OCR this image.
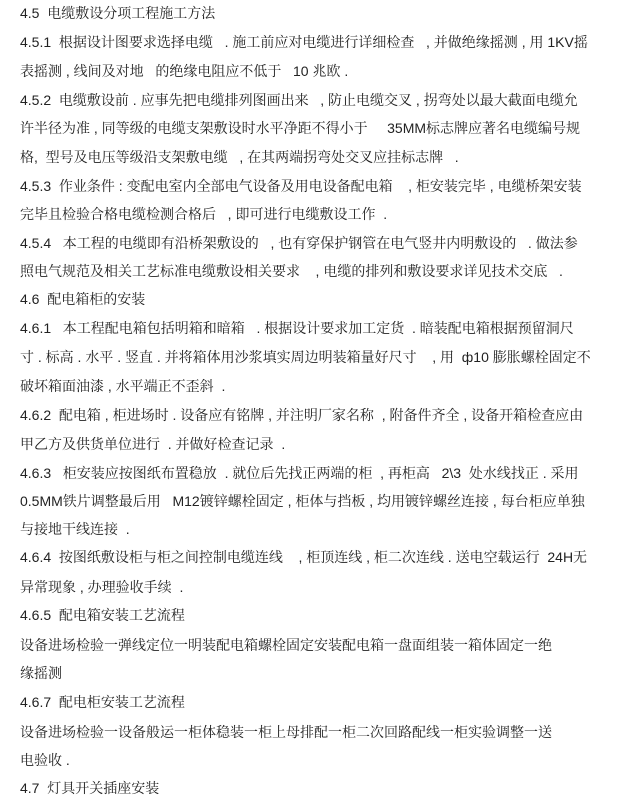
4.5  电缆敷设分项工程施工方法
4.5.1  根据设计图要求选择电缆   . 施工前应对电缆进行详细检查   , 并做绝缘摇测 , 用 1KV摇
表摇测 , 线间及对地   的绝缘电阻应不低于   10 兆欧 .
4.5.2  电缆敷设前 . 应事先把电缆排列图画出来   , 防止电缆交叉 , 拐弯处以最大截面电缆允
许半径为准 , 同等级的电缆支架敷设时水平净距不得小于     35MM标志牌应著名电缆编号规
格,  型号及电压等级沿支架敷电缆   , 在其两端拐弯处交叉应挂标志牌   .
4.5.3  作业条件 : 变配电室内全部电气设备及用电设备配电箱    , 柜安装完毕 , 电缆桥架安装
完毕且检验合格电缆检测合格后   , 即可进行电缆敷设工作  .
4.5.4   本工程的电缆即有沿桥架敷设的   , 也有穿保护钢管在电气竖井内明敷设的   . 做法参
照电气规范及相关工艺标准电缆敷设相关要求    , 电缆的排列和敷设要求详见技术交底   .
4.6  配电箱柜的安装
4.6.1   本工程配电箱包括明箱和暗箱   . 根据设计要求加工定货  . 暗装配电箱根据预留洞尺
寸 . 标高 . 水平 . 竖直 . 并将箱体用沙浆填实周边明装箱量好尺寸    , 用  ф10 膨胀螺栓固定不
破坏箱面油漆 , 水平端正不歪斜  .
4.6.2  配电箱 , 柜进场时 . 设备应有铭牌 , 并注明厂家名称  , 附备件齐全 , 设备开箱检查应由
甲乙方及供货单位进行  . 并做好检查记录  .
4.6.3   柜安装应按图纸布置稳放  . 就位后先找正两端的柜  , 再柜高   2\3  处水线找正 . 采用
0.5MM铁片调整最后用   M12镀锌螺栓固定 , 柜体与挡板 , 均用镀锌螺丝连接 , 每台柜应单独
与接地干线连接  .
4.6.4  按图纸敷设柜与柜之间控制电缆连线    , 柜顶连线 , 柜二次连线 . 送电空载运行  24H无
异常现象 , 办理验收手续  .
4.6.5  配电箱安装工艺流程
设备进场检验一弹线定位一明装配电箱螺栓固定安装配电箱一盘面组装一箱体固定一绝
缘摇测
4.6.7  配电柜安装工艺流程
设备进场检验一设备般运一柜体稳装一柜上母排配一柜二次回路配线一柜实验调整一送
电验收 .
4.7  灯具开关插座安装
